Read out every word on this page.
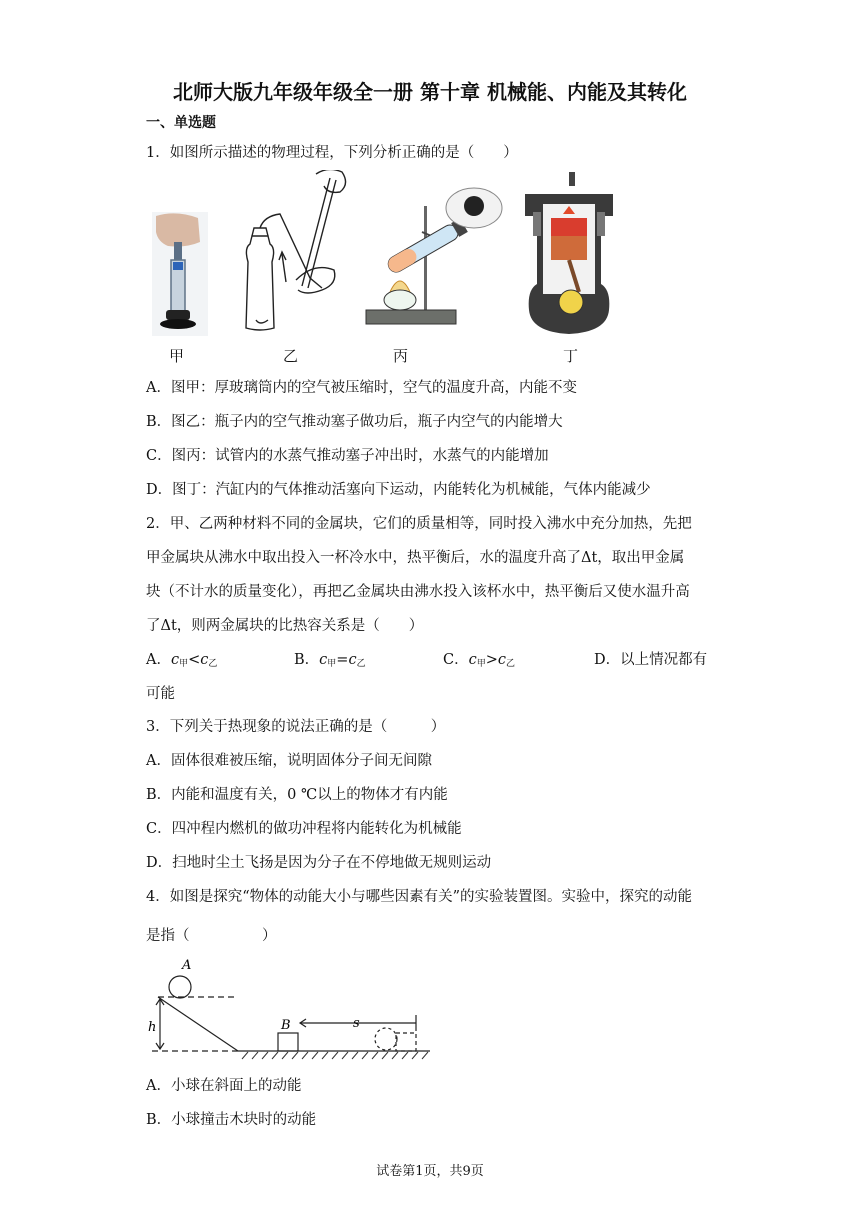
北师大版九年级年级全一册 第十章 机械能、内能及其转化
一、单选题
1．如图所示描述的物理过程，下列分析正确的是（　　）
甲	乙	丙	丁
A．图甲：厚玻璃筒内的空气被压缩时，空气的温度升高，内能不变
B．图乙：瓶子内的空气推动塞子做功后，瓶子内空气的内能增大
C．图丙：试管内的水蒸气推动塞子冲出时，水蒸气的内能增加
D．图丁：汽缸内的气体推动活塞向下运动，内能转化为机械能，气体内能减少
2．甲、乙两种材料不同的金属块，它们的质量相等，同时投入沸水中充分加热，先把
甲金属块从沸水中取出投入一杯冷水中，热平衡后，水的温度升高了Δt，取出甲金属
块（不计水的质量变化），再把乙金属块由沸水投入该杯水中，热平衡后又使水温升高
了Δt，则两金属块的比热容关系是（　　）
A．$c_甲<c_乙$	B．$c_甲=c_乙$	C．$c_甲>c_乙$	D．以上情况都有
可能
3．下列关于热现象的说法正确的是（　　　）
A．固体很难被压缩，说明固体分子间无间隙
B．内能和温度有关，0 ℃以上的物体才有内能
C．四冲程内燃机的做功冲程将内能转化为机械能
D．扫地时尘土飞扬是因为分子在不停地做无规则运动
4．如图是探究“物体的动能大小与哪些因素有关”的实验装置图。实验中，探究的动能
是指（　　　　　）
A
h	B	s
A．小球在斜面上的动能
B．小球撞击木块时的动能
试卷第1页，共9页
